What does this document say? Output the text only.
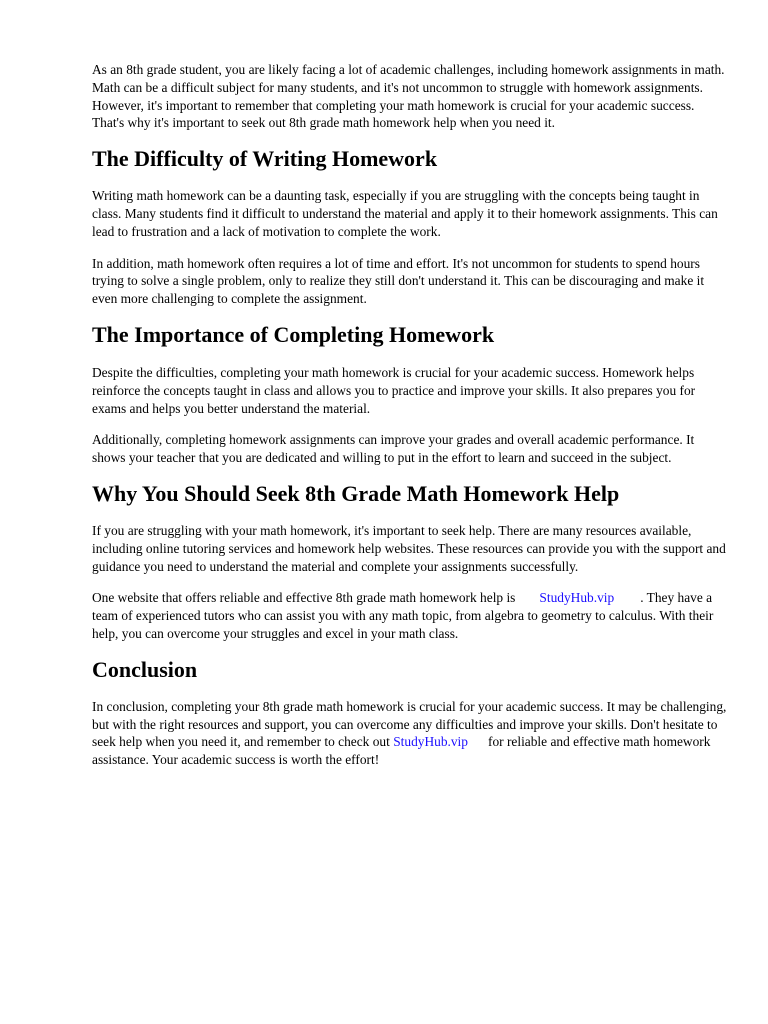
As an 8th grade student, you are likely facing a lot of academic challenges, including homework assignments in math. Math can be a difficult subject for many students, and it's not uncommon to struggle with homework assignments. However, it's important to remember that completing your math homework is crucial for your academic success. That's why it's important to seek out 8th grade math homework help when you need it.

The Difficulty of Writing Homework

Writing math homework can be a daunting task, especially if you are struggling with the concepts being taught in class. Many students find it difficult to understand the material and apply it to their homework assignments. This can lead to frustration and a lack of motivation to complete the work.

In addition, math homework often requires a lot of time and effort. It's not uncommon for students to spend hours trying to solve a single problem, only to realize they still don't understand it. This can be discouraging and make it even more challenging to complete the assignment.

The Importance of Completing Homework

Despite the difficulties, completing your math homework is crucial for your academic success. Homework helps reinforce the concepts taught in class and allows you to practice and improve your skills. It also prepares you for exams and helps you better understand the material.

Additionally, completing homework assignments can improve your grades and overall academic performance. It shows your teacher that you are dedicated and willing to put in the effort to learn and succeed in the subject.

Why You Should Seek 8th Grade Math Homework Help

If you are struggling with your math homework, it's important to seek help. There are many resources available, including online tutoring services and homework help websites. These resources can provide you with the support and guidance you need to understand the material and complete your assignments successfully.

One website that offers reliable and effective 8th grade math homework help is StudyHub.vip . They have a team of experienced tutors who can assist you with any math topic, from algebra to geometry to calculus. With their help, you can overcome your struggles and excel in your math class.

Conclusion

In conclusion, completing your 8th grade math homework is crucial for your academic success. It may be challenging, but with the right resources and support, you can overcome any difficulties and improve your skills. Don't hesitate to seek help when you need it, and remember to check out StudyHub.vip for reliable and effective math homework assistance. Your academic success is worth the effort!
